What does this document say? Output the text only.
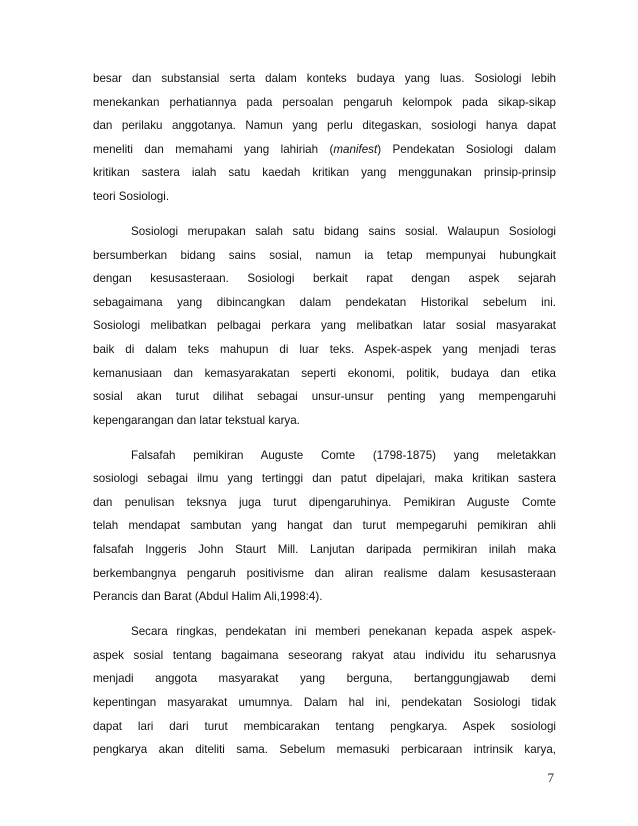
besar dan substansial serta dalam konteks budaya yang luas. Sosiologi lebih
menekankan perhatiannya pada persoalan pengaruh kelompok pada sikap-sikap
dan perilaku anggotanya. Namun yang perlu ditegaskan, sosiologi hanya dapat
meneliti dan memahami yang lahiriah (manifest) Pendekatan Sosiologi dalam
kritikan sastera ialah satu kaedah kritikan yang menggunakan prinsip-prinsip
teori Sosiologi.
Sosiologi merupakan salah satu bidang sains sosial. Walaupun Sosiologi
bersumberkan bidang sains sosial, namun ia tetap mempunyai hubungkait
dengan kesusasteraan. Sosiologi berkait rapat dengan aspek sejarah
sebagaimana yang dibincangkan dalam pendekatan Historikal sebelum ini.
Sosiologi melibatkan pelbagai perkara yang melibatkan latar sosial masyarakat
baik di dalam teks mahupun di luar teks. Aspek-aspek yang menjadi teras
kemanusiaan dan kemasyarakatan seperti ekonomi, politik, budaya dan etika
sosial akan turut dilihat sebagai unsur-unsur penting yang mempengaruhi
kepengarangan dan latar tekstual karya.
Falsafah pemikiran Auguste Comte (1798-1875) yang meletakkan
sosiologi sebagai ilmu yang tertinggi dan patut dipelajari, maka kritikan sastera
dan penulisan teksnya juga turut dipengaruhinya. Pemikiran Auguste Comte
telah mendapat sambutan yang hangat dan turut mempegaruhi pemikiran ahli
falsafah Inggeris John Staurt Mill. Lanjutan daripada permikiran inilah maka
berkembangnya pengaruh positivisme dan aliran realisme dalam kesusasteraan
Perancis dan Barat (Abdul Halim Ali,1998:4).
Secara ringkas, pendekatan ini memberi penekanan kepada aspek aspek-
aspek sosial tentang bagaimana seseorang rakyat atau individu itu seharusnya
menjadi anggota masyarakat yang berguna, bertanggungjawab demi
kepentingan masyarakat umumnya. Dalam hal ini, pendekatan Sosiologi tidak
dapat lari dari turut membicarakan tentang pengkarya. Aspek sosiologi
pengkarya akan diteliti sama. Sebelum memasuki perbicaraan intrinsik karya,
7
